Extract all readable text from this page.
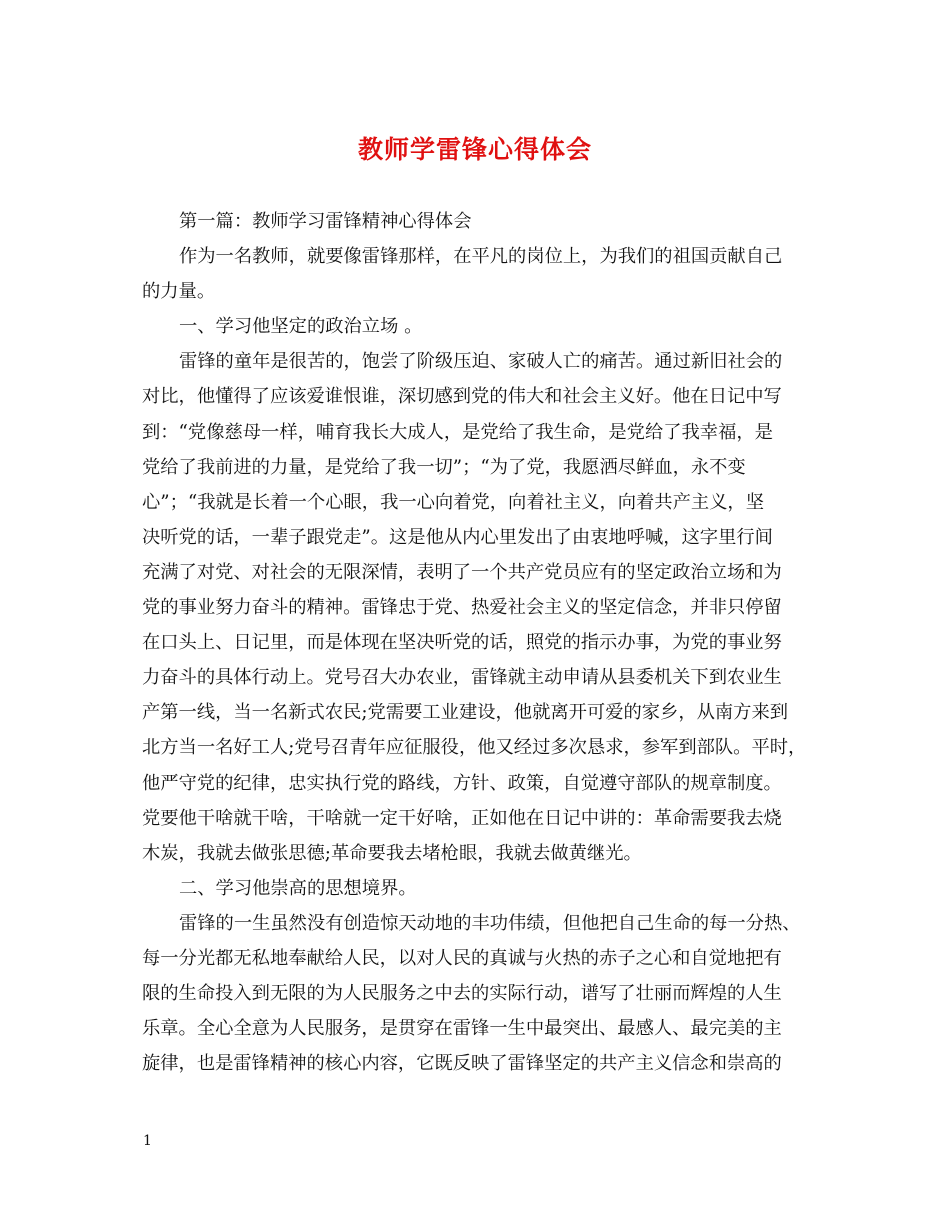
教师学雷锋心得体会
第一篇：教师学习雷锋精神心得体会
作为一名教师，就要像雷锋那样，在平凡的岗位上，为我们的祖国贡献自己
的力量。
一、学习他坚定的政治立场 。
雷锋的童年是很苦的，饱尝了阶级压迫、家破人亡的痛苦。通过新旧社会的
对比，他懂得了应该爱谁恨谁，深切感到党的伟大和社会主义好。他在日记中写
到：“党像慈母一样，哺育我长大成人，是党给了我生命，是党给了我幸福，是
党给了我前进的力量，是党给了我一切”；“为了党，我愿洒尽鲜血，永不变
心”；“我就是长着一个心眼，我一心向着党，向着社主义，向着共产主义，坚
决听党的话，一辈子跟党走”。这是他从内心里发出了由衷地呼喊，这字里行间
充满了对党、对社会的无限深情，表明了一个共产党员应有的坚定政治立场和为
党的事业努力奋斗的精神。雷锋忠于党、热爱社会主义的坚定信念，并非只停留
在口头上、日记里，而是体现在坚决听党的话，照党的指示办事，为党的事业努
力奋斗的具体行动上。党号召大办农业，雷锋就主动申请从县委机关下到农业生
产第一线，当一名新式农民;党需要工业建设，他就离开可爱的家乡，从南方来到
北方当一名好工人;党号召青年应征服役，他又经过多次恳求，参军到部队。平时，
他严守党的纪律，忠实执行党的路线，方针、政策，自觉遵守部队的规章制度。
党要他干啥就干啥，干啥就一定干好啥，正如他在日记中讲的：革命需要我去烧
木炭，我就去做张思德;革命要我去堵枪眼，我就去做黄继光。
二、学习他崇高的思想境界。
雷锋的一生虽然没有创造惊天动地的丰功伟绩，但他把自己生命的每一分热、
每一分光都无私地奉献给人民，以对人民的真诚与火热的赤子之心和自觉地把有
限的生命投入到无限的为人民服务之中去的实际行动，谱写了壮丽而辉煌的人生
乐章。全心全意为人民服务，是贯穿在雷锋一生中最突出、最感人、最完美的主
旋律，也是雷锋精神的核心内容，它既反映了雷锋坚定的共产主义信念和崇高的
1
